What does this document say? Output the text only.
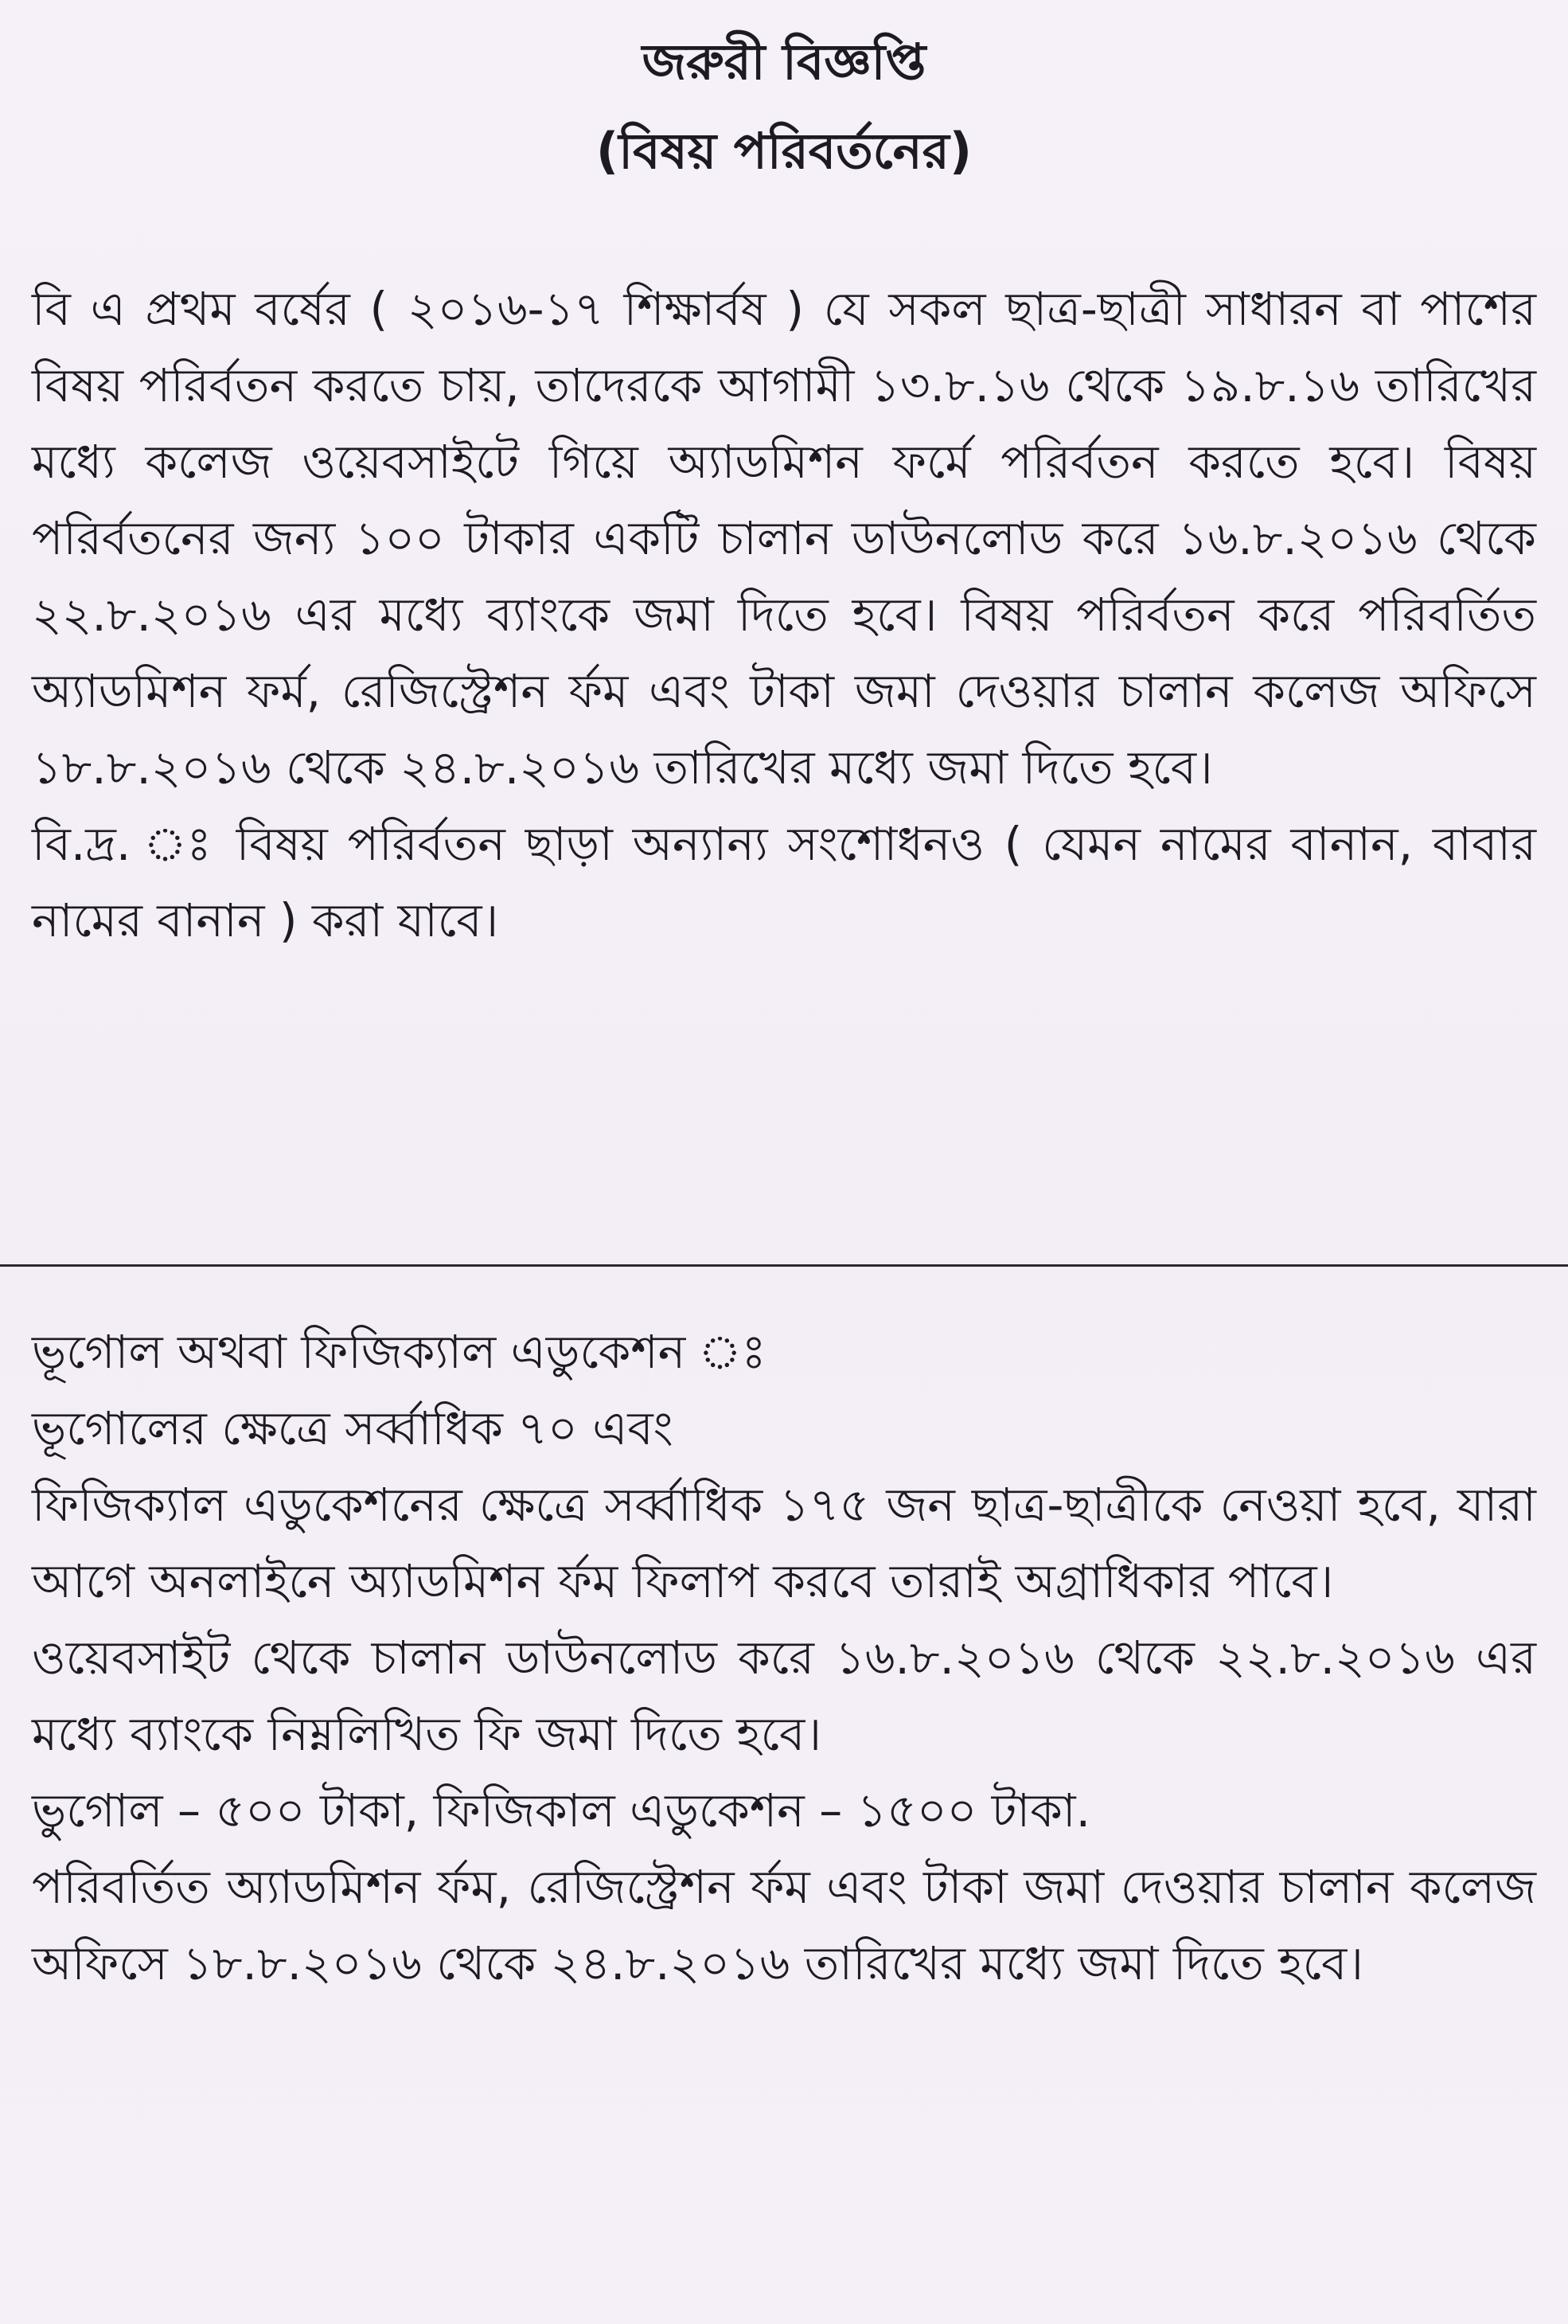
জরুরী বিজ্ঞপ্তি
(বিষয় পরিবর্তনের)

বি এ প্রথম বর্ষের ( ২০১৬-১৭ শিক্ষার্বষ ) যে সকল ছাত্র-ছাত্রী সাধারন বা পাশের বিষয় পরির্বতন করতে চায়, তাদেরকে আগামী ১৩.৮.১৬ থেকে ১৯.৮.১৬ তারিখের মধ্যে কলেজ ওয়েবসাইটে গিয়ে অ্যাডমিশন ফর্মে পরির্বতন করতে হবে। বিষয় পরির্বতনের জন্য ১০০ টাকার একটি চালান ডাউনলোড করে ১৬.৮.২০১৬ থেকে ২২.৮.২০১৬ এর মধ্যে ব্যাংকে জমা দিতে হবে। বিষয় পরির্বতন করে পরিবর্তিত অ্যাডমিশন ফর্ম, রেজিস্ট্রেশন র্ফম এবং টাকা জমা দেওয়ার চালান কলেজ অফিসে ১৮.৮.২০১৬ থেকে ২৪.৮.২০১৬ তারিখের মধ্যে জমা দিতে হবে।

বি.দ্র. ঃ বিষয় পরির্বতন ছাড়া অন্যান্য সংশোধনও ( যেমন নামের বানান, বাবার নামের বানান ) করা যাবে।

ভূগোল অথবা ফিজিক্যাল এডুকেশন ঃ

ভূগোলের ক্ষেত্রে সর্ব্বাধিক ৭০ এবং

ফিজিক্যাল এডুকেশনের ক্ষেত্রে সর্ব্বাধিক ১৭৫ জন ছাত্র-ছাত্রীকে নেওয়া হবে, যারা আগে অনলাইনে অ্যাডমিশন র্ফম ফিলাপ করবে তারাই অগ্রাধিকার পাবে।

ওয়েবসাইট থেকে চালান ডাউনলোড করে ১৬.৮.২০১৬ থেকে ২২.৮.২০১৬ এর মধ্যে ব্যাংকে নিম্নলিখিত ফি জমা দিতে হবে।

ভুগোল – ৫০০ টাকা, ফিজিকাল এডুকেশন – ১৫০০ টাকা.

পরিবর্তিত অ্যাডমিশন র্ফম, রেজিস্ট্রেশন র্ফম এবং টাকা জমা দেওয়ার চালান কলেজ অফিসে ১৮.৮.২০১৬ থেকে ২৪.৮.২০১৬ তারিখের মধ্যে জমা দিতে হবে।
